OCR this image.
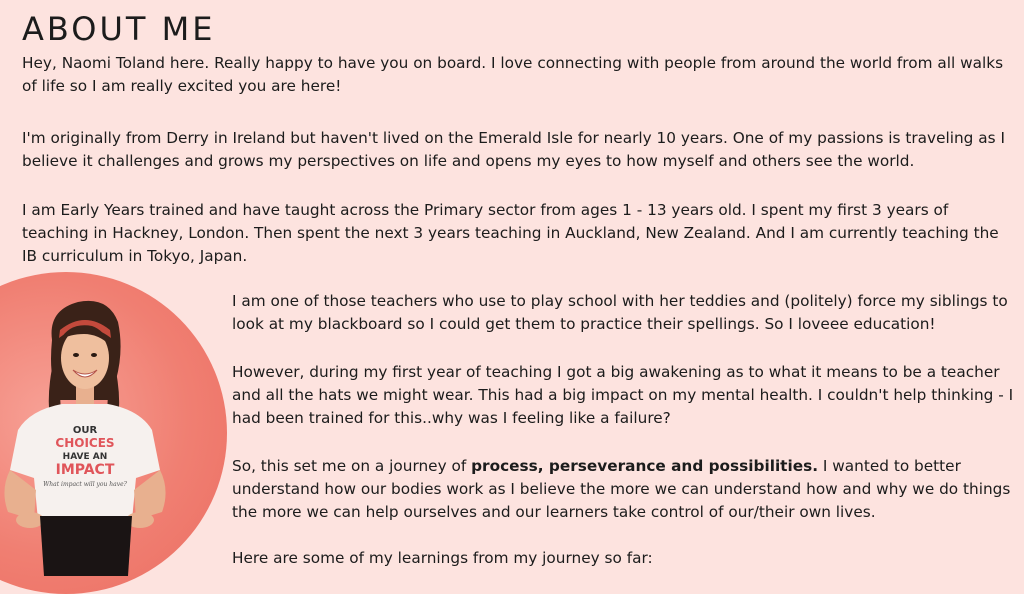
ABOUT ME

Hey, Naomi Toland here. Really happy to have you on board. I love connecting with people from around the world from all walks of life so I am really excited you are here!

I'm originally from Derry in Ireland but haven't lived on the Emerald Isle for nearly 10 years. One of my passions is traveling as I believe it challenges and grows my perspectives on life and opens my eyes to how myself and others see the world.

I am Early Years trained and have taught across the Primary sector from ages 1 - 13 years old. I spent my first 3 years of teaching in Hackney, London. Then spent the next 3 years teaching in Auckland, New Zealand. And I am currently teaching the IB curriculum in Tokyo, Japan.

I am one of those teachers who use to play school with her teddies and (politely) force my siblings to look at my blackboard so I could get them to practice their spellings. So I loveee education!

However, during my first year of teaching I got a big awakening as to what it means to be a teacher and all the hats we might wear. This had a big impact on my mental health. I couldn't help thinking - I had been trained for this..why was I feeling like a failure?

So, this set me on a journey of process, perseverance and possibilities. I wanted to better understand how our bodies work as I believe the more we can understand how and why we do things the more we can help ourselves and our learners take control of our/their own lives.

Here are some of my learnings from my journey so far:

OUR
CHOICES
HAVE AN
IMPACT
What impact will you have?
